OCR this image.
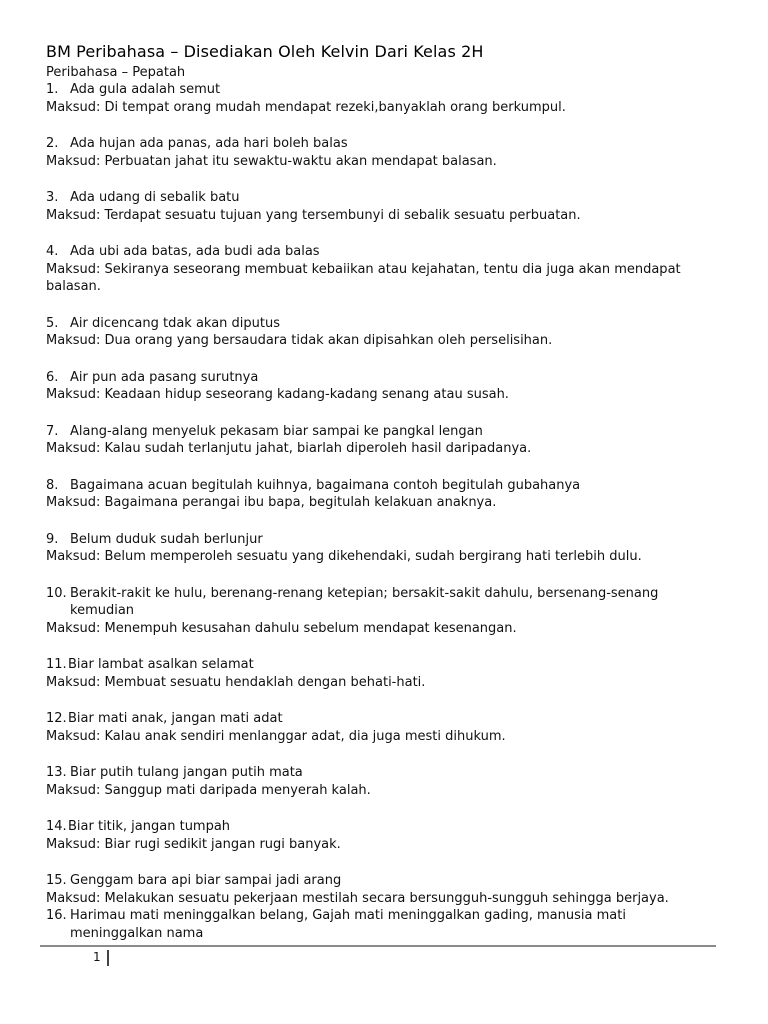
BM Peribahasa – Disediakan Oleh Kelvin Dari Kelas 2H
Peribahasa – Pepatah
1. Ada gula adalah semut
Maksud: Di tempat orang mudah mendapat rezeki,banyaklah orang berkumpul.
2. Ada hujan ada panas, ada hari boleh balas
Maksud: Perbuatan jahat itu sewaktu-waktu akan mendapat balasan.
3. Ada udang di sebalik batu
Maksud: Terdapat sesuatu tujuan yang tersembunyi di sebalik sesuatu perbuatan.
4. Ada ubi ada batas, ada budi ada balas
Maksud: Sekiranya seseorang membuat kebaiikan atau kejahatan, tentu dia juga akan mendapat balasan.
5. Air dicencang tdak akan diputus
Maksud: Dua orang yang bersaudara tidak akan dipisahkan oleh perselisihan.
6. Air pun ada pasang surutnya
Maksud: Keadaan hidup seseorang kadang-kadang senang atau susah.
7. Alang-alang menyeluk pekasam biar sampai ke pangkal lengan
Maksud: Kalau sudah terlanjutu jahat, biarlah diperoleh hasil daripadanya.
8. Bagaimana acuan begitulah kuihnya, bagaimana contoh begitulah gubahanya
Maksud: Bagaimana perangai ibu bapa, begitulah kelakuan anaknya.
9. Belum duduk sudah berlunjur
Maksud: Belum memperoleh sesuatu yang dikehendaki, sudah bergirang hati terlebih dulu.
10. Berakit-rakit ke hulu, berenang-renang ketepian; bersakit-sakit dahulu, bersenang-senang
kemudian
Maksud: Menempuh kesusahan dahulu sebelum mendapat kesenangan.
11. Biar lambat asalkan selamat
Maksud: Membuat sesuatu hendaklah dengan behati-hati.
12. Biar mati anak, jangan mati adat
Maksud: Kalau anak sendiri menlanggar adat, dia juga mesti dihukum.
13. Biar putih tulang jangan putih mata
Maksud: Sanggup mati daripada menyerah kalah.
14. Biar titik, jangan tumpah
Maksud: Biar rugi sedikit jangan rugi banyak.
15. Genggam bara api biar sampai jadi arang
Maksud: Melakukan sesuatu pekerjaan mestilah secara bersungguh-sungguh sehingga berjaya.
16. Harimau mati meninggalkan belang, Gajah mati meninggalkan gading, manusia mati
meninggalkan nama
1
